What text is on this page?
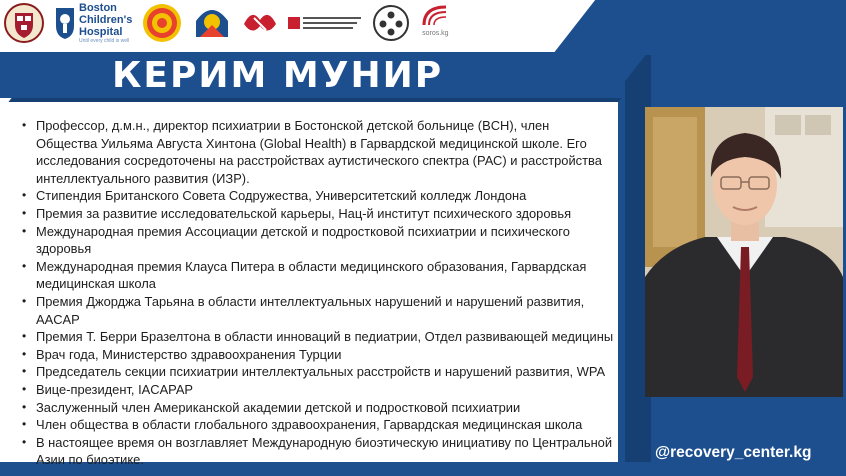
Boston
Children's
Hospital
Until every child is well
soros.kg
КЕРИМ МУНИР
• Профессор, д.м.н., директор психиатрии в Бостонской детской больнице (BCH), член Общества Уильяма Августа Хинтона (Global Health) в Гарвардской медицинской школе. Его исследования сосредоточены на расстройствах аутистического спектра (РАС) и расстройства интеллектуального развития (ИЗР).
• Стипендия Британского Совета Содружества, Университетский колледж Лондона
• Премия за развитие исследовательской карьеры, Нац-й институт психического здоровья
• Международная премия Ассоциации детской и подростковой психиатрии и психического здоровья
• Международная премия Клауса Питера в области медицинского образования, Гарвардская медицинская школа
• Премия Джорджа Тарьяна в области интеллектуальных нарушений и нарушений развития, AACAP
• Премия Т. Берри Бразелтона в области инноваций в педиатрии, Отдел развивающей медицины
• Врач года, Министерство здравоохранения Турции
• Председатель секции психиатрии интеллектуальных расстройств и нарушений развития, WPA
• Вице-президент, IACAPAP
• Заслуженный член Американской академии детской и подростковой психиатрии
• Член общества в области глобального здравоохранения, Гарвардская медицинская школа
• В настоящее время он возглавляет Международную биоэтическую инициативу по Центральной Азии по биоэтике.	@recovery_center.kg
